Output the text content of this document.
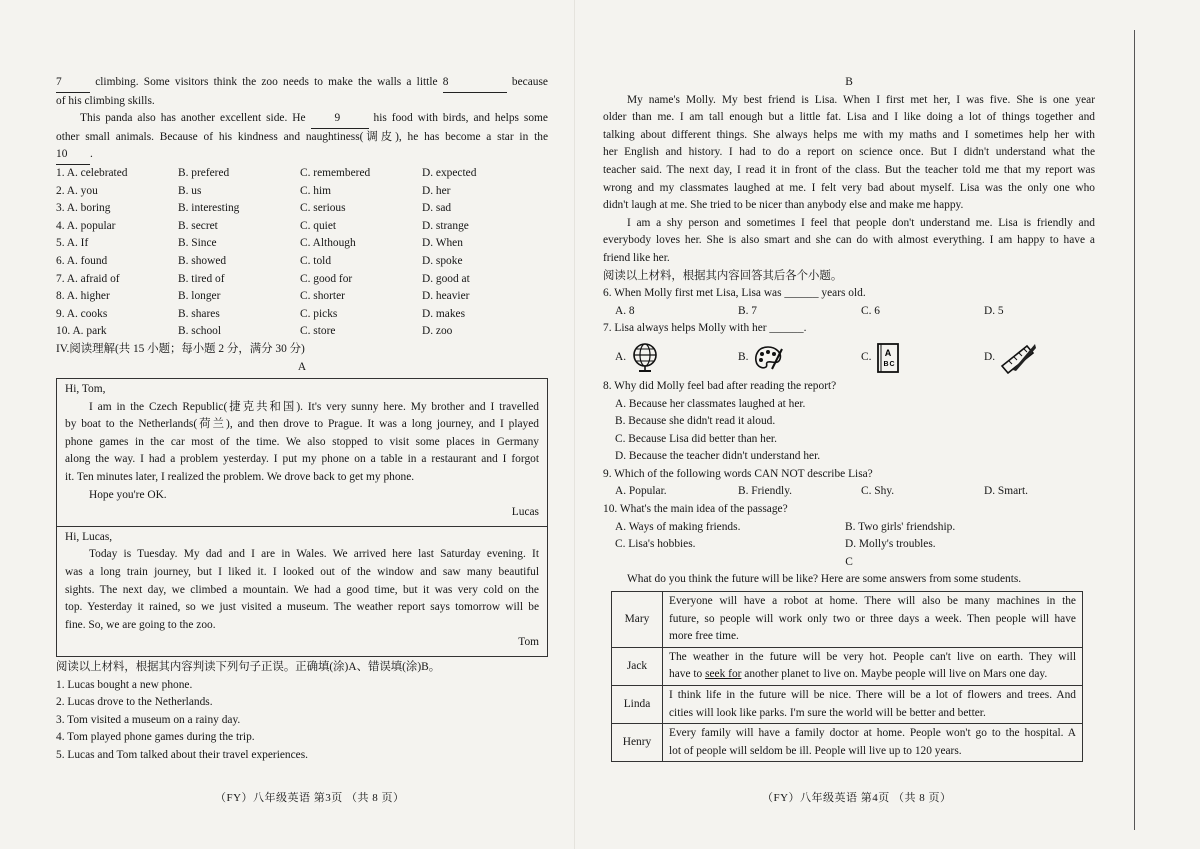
7 climbing. Some visitors think the zoo needs to make the walls a little 8	because
of his climbing skills.
This panda also has another excellent side. He 9 his food with birds, and helps some
other small animals. Because of his kindness and naughtiness(调皮), he has become a star in the
10 .
1. A. celebrated	B. prefered	C. remembered	D. expected
2. A. you	B. us	C. him	D. her
3. A. boring	B. interesting	C. serious	D. sad
4. A. popular	B. secret	C. quiet	D. strange
5. A. If	B. Since	C. Although	D. When
6. A. found	B. showed	C. told	D. spoke
7. A. afraid of	B. tired of	C. good for	D. good at
8. A. higher	B. longer	C. shorter	D. heavier
9. A. cooks	B. shares	C. picks	D. makes
10. A. park	B. school	C. store	D. zoo
IV.阅读理解(共 15 小题；每小题 2 分，满分 30 分)
A
Hi, Tom,
I am in the Czech Republic(捷克共和国). It's very sunny here. My brother and I travelled
by boat to the Netherlands(荷兰), and then drove to Prague. It was a long journey, and I played
phone games in the car most of the time. We also stopped to visit some places in Germany
along the way. I had a problem yesterday. I put my phone on a table in a restaurant and I forgot
it. Ten minutes later, I realized the problem. We drove back to get my phone.
Hope you're OK.
Lucas
Hi, Lucas,
Today is Tuesday. My dad and I are in Wales. We arrived here last Saturday evening. It
was a long train journey, but I liked it. I looked out of the window and saw many beautiful
sights. The next day, we climbed a mountain. We had a good time, but it was very cold on the
top. Yesterday it rained, so we just visited a museum. The weather report says tomorrow will be
fine. So, we are going to the zoo.
Tom
阅读以上材料，根据其内容判读下列句子正误。正确填(涂)A、错误填(涂)B。
1. Lucas bought a new phone.
2. Lucas drove to the Netherlands.
3. Tom visited a museum on a rainy day.
4. Tom played phone games during the trip.
5. Lucas and Tom talked about their travel experiences.
（FY）八年级英语 第3页 （共 8 页）
B
My name's Molly. My best friend is Lisa. When I first met her, I was five. She is one year
older than me. I am tall enough but a little fat. Lisa and I like doing a lot of things together and
talking about different things. She always helps me with my maths and I sometimes help her with
her English and history. I had to do a report on science once. But I didn't understand what the
teacher said. The next day, I read it in front of the class. But the teacher told me that my report was
wrong and my classmates laughed at me. I felt very bad about myself. Lisa was the only one who
didn't laugh at me. She tried to be nicer than anybody else and make me happy.
I am a shy person and sometimes I feel that people don't understand me. Lisa is friendly and
everybody loves her. She is also smart and she can do with almost everything. I am happy to have a
friend like her.
阅读以上材料，根据其内容回答其后各个小题。
6. When Molly first met Lisa, Lisa was ______ years old.
A. 8	B. 7	C. 6	D. 5
7. Lisa always helps Molly with her ______.
A.	B.	C. A
B C
D.
8. Why did Molly feel bad after reading the report?
A. Because her classmates laughed at her.
B. Because she didn't read it aloud.
C. Because Lisa did better than her.
D. Because the teacher didn't understand her.
9. Which of the following words CAN NOT describe Lisa?
A. Popular.	B. Friendly.	C. Shy.	D. Smart.
10. What's the main idea of the passage?
A. Ways of making friends.	B. Two girls' friendship.
C. Lisa's hobbies.	D. Molly's troubles.
C
What do you think the future will be like? Here are some answers from some students.
Mary	Everyone will have a robot at home. There will also be many machines in the
future, so people will work only two or three days a week. Then people will have
more free time.

Jack	The weather in the future will be very hot. People can't live on earth. They will
have to seek for another planet to live on. Maybe people will live on Mars one day.

Linda	I think life in the future will be nice. There will be a lot of flowers and trees. And
cities will look like parks. I'm sure the world will be better and better.

Henry	Every family will have a family doctor at home. People won't go to the hospital. A
lot of people will seldom be ill. People will live up to 120 years.
（FY）八年级英语 第4页 （共 8 页）
